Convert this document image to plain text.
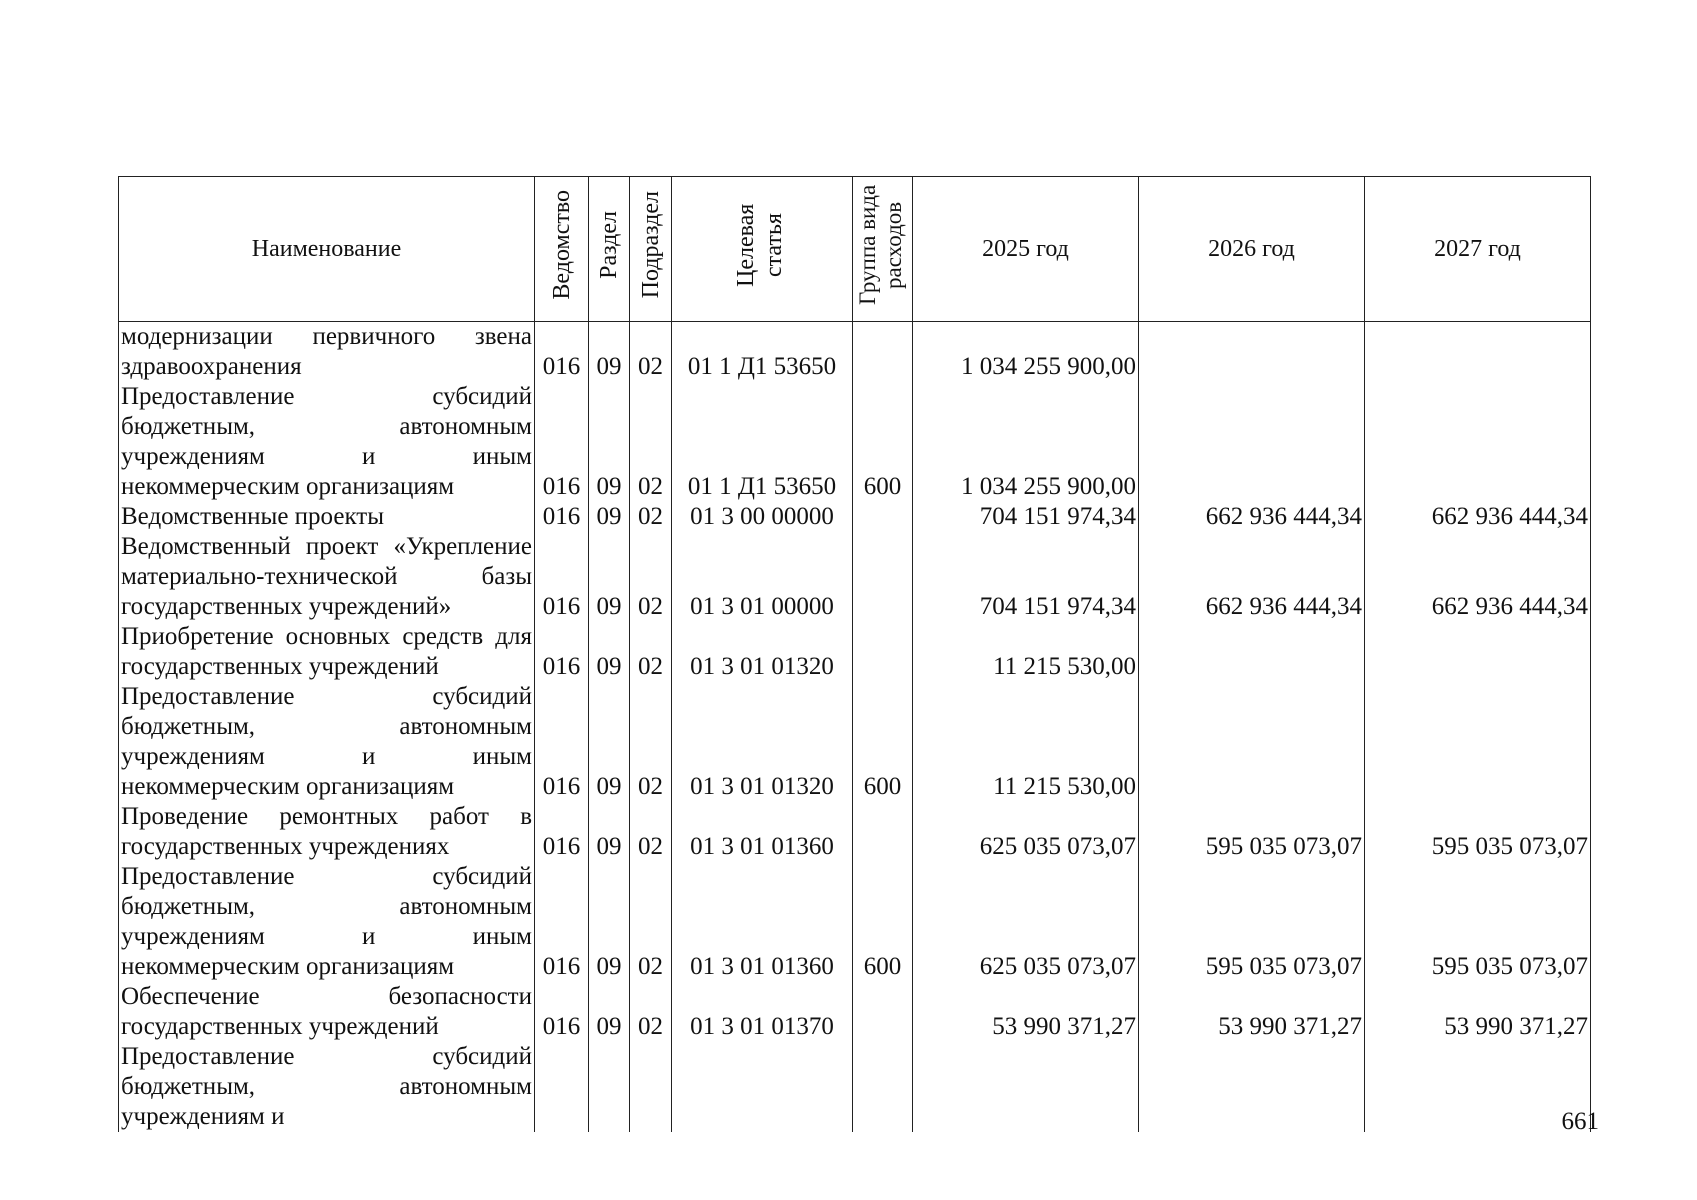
Наименование	Ведомство	Раздел	Подраздел	Целевая статья	Группа вида расходов	2025 год	2026 год	2027 год
модернизации первичного звена здравоохранения	016	09	02	01 1 Д1 53650		1 034 255 900,00		
Предоставление субсидий бюджетным, автономным учреждениям и иным некоммерческим организациям	016	09	02	01 1 Д1 53650	600	1 034 255 900,00		
Ведомственные проекты	016	09	02	01 3 00 00000		704 151 974,34	662 936 444,34	662 936 444,34
Ведомственный проект «Укрепление материально-технической базы государственных учреждений»	016	09	02	01 3 01 00000		704 151 974,34	662 936 444,34	662 936 444,34
Приобретение основных средств для государственных учреждений	016	09	02	01 3 01 01320		11 215 530,00		
Предоставление субсидий бюджетным, автономным учреждениям и иным некоммерческим организациям	016	09	02	01 3 01 01320	600	11 215 530,00		
Проведение ремонтных работ в государственных учреждениях	016	09	02	01 3 01 01360		625 035 073,07	595 035 073,07	595 035 073,07
Предоставление субсидий бюджетным, автономным учреждениям и иным некоммерческим организациям	016	09	02	01 3 01 01360	600	625 035 073,07	595 035 073,07	595 035 073,07
Обеспечение безопасности государственных учреждений	016	09	02	01 3 01 01370		53 990 371,27	53 990 371,27	53 990 371,27
Предоставление субсидий бюджетным, автономным учреждениям и									661
